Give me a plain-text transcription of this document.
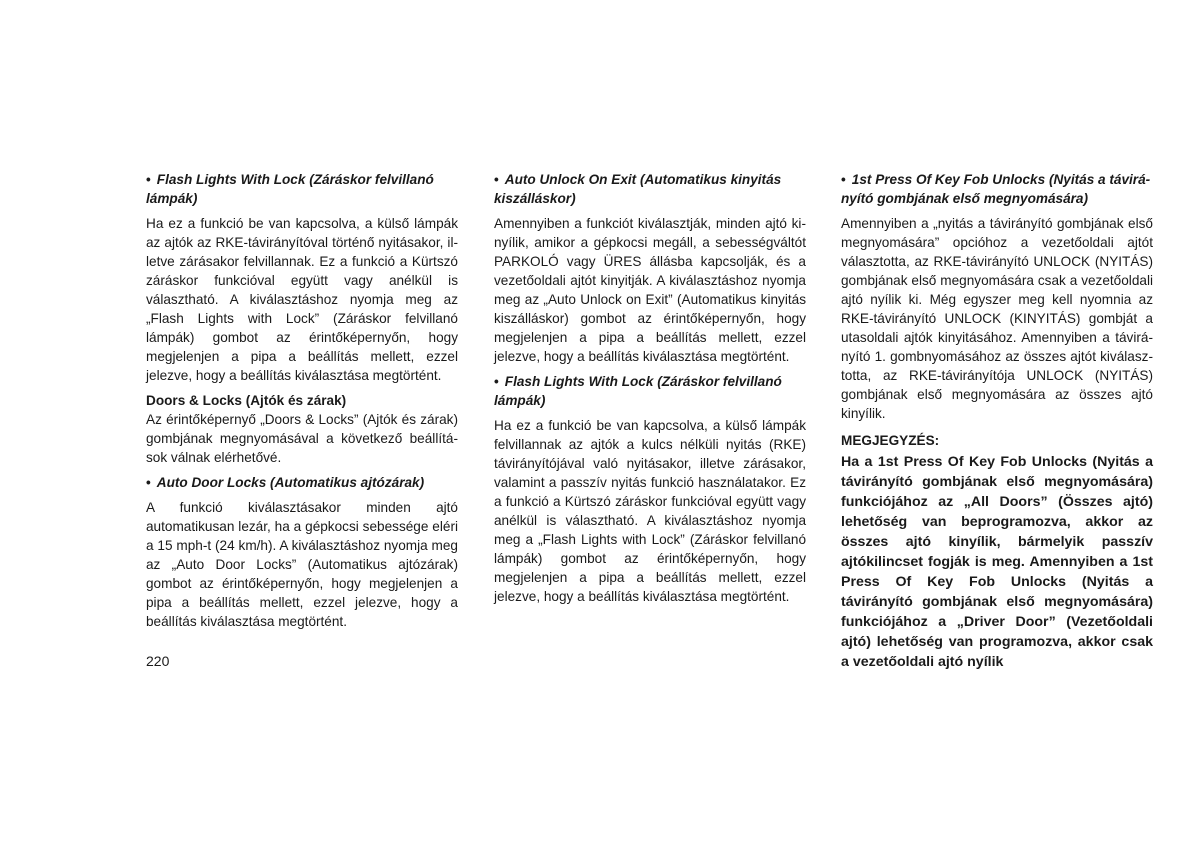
• Flash Lights With Lock (Záráskor felvillanó lámpák)

Ha ez a funkció be van kapcsolva, a külső lámpák az ajtók az RKE-távirányítóval történő nyitásakor, illetve zárásakor felvillannak. Ez a funkció a Kürtszó záráskor funkcióval együtt vagy anélkül is választható. A kiválasztáshoz nyomja meg az „Flash Lights with Lock” (Záráskor felvillanó lámpák) gombot az érintőképernyőn, hogy megjelenjen a pipa a beállítás mellett, ezzel jelezve, hogy a beállítás kiválasztása megtörtént.

Doors & Locks (Ajtók és zárak)

Az érintőképernyő „Doors & Locks” (Ajtók és zárak) gombjának megnyomásával a következő beállítások válnak elérhetővé.

• Auto Door Locks (Automatikus ajtózárak)

A funkció kiválasztásakor minden ajtó automatikusan lezár, ha a gépkocsi sebessége eléri a 15 mph-t (24 km/h). A kiválasztáshoz nyomja meg az „Auto Door Locks” (Automatikus ajtózárak) gombot az érintőképernyőn, hogy megjelenjen a pipa a beállítás mellett, ezzel jelezve, hogy a beállítás kiválasztása megtörtént.

• Auto Unlock On Exit (Automatikus kinyitás kiszálláskor)

Amennyiben a funkciót kiválasztják, minden ajtó kinyílik, amikor a gépkocsi megáll, a sebességváltót PARKOLÓ vagy ÜRES állásba kapcsolják, és a vezetőoldali ajtót kinyitják. A kiválasztáshoz nyomja meg az „Auto Unlock on Exit” (Automatikus kinyitás kiszálláskor) gombot az érintőképernyőn, hogy megjelenjen a pipa a beállítás mellett, ezzel jelezve, hogy a beállítás kiválasztása megtörtént.

• Flash Lights With Lock (Záráskor felvillanó lámpák)

Ha ez a funkció be van kapcsolva, a külső lámpák felvillannak az ajtók a kulcs nélküli nyitás (RKE) távirányítójával való nyitásakor, illetve zárásakor, valamint a passzív nyitás funkció használatakor. Ez a funkció a Kürtszó záráskor funkcióval együtt vagy anélkül is választható. A kiválasztáshoz nyomja meg a „Flash Lights with Lock” (Záráskor felvillanó lámpák) gombot az érintőképernyőn, hogy megjelenjen a pipa a beállítás mellett, ezzel jelezve, hogy a beállítás kiválasztása megtörtént.

• 1st Press Of Key Fob Unlocks (Nyitás a távirányító gombjának első megnyomására)

Amennyiben a „nyitás a távirányító gombjának első megnyomására” opcióhoz a vezetőoldali ajtót választotta, az RKE-távirányító UNLOCK (NYITÁS) gombjának első megnyomására csak a vezetőoldali ajtó nyílik ki. Még egyszer meg kell nyomnia az RKE-távirányító UNLOCK (KINYITÁS) gombját a utasoldali ajtók kinyitásához. Amennyiben a távirányító 1. gombnyomásához az összes ajtót kiválasztotta, az RKE-távirányítója UNLOCK (NYITÁS) gombjának első megnyomására az összes ajtó kinyílik.

MEGJEGYZÉS:

Ha a 1st Press Of Key Fob Unlocks (Nyitás a távirányító gombjának első megnyomására) funkciójához az „All Doors” (Összes ajtó) lehetőség van beprogramozva, akkor az összes ajtó kinyílik, bármelyik passzív ajtókilincset fogják is meg. Amennyiben a 1st Press Of Key Fob Unlocks (Nyitás a távirányító gombjának első megnyomására) funkciójához a „Driver Door” (Vezetőoldali ajtó) lehetőség van programozva, akkor csak a vezetőoldali ajtó nyílik

220
